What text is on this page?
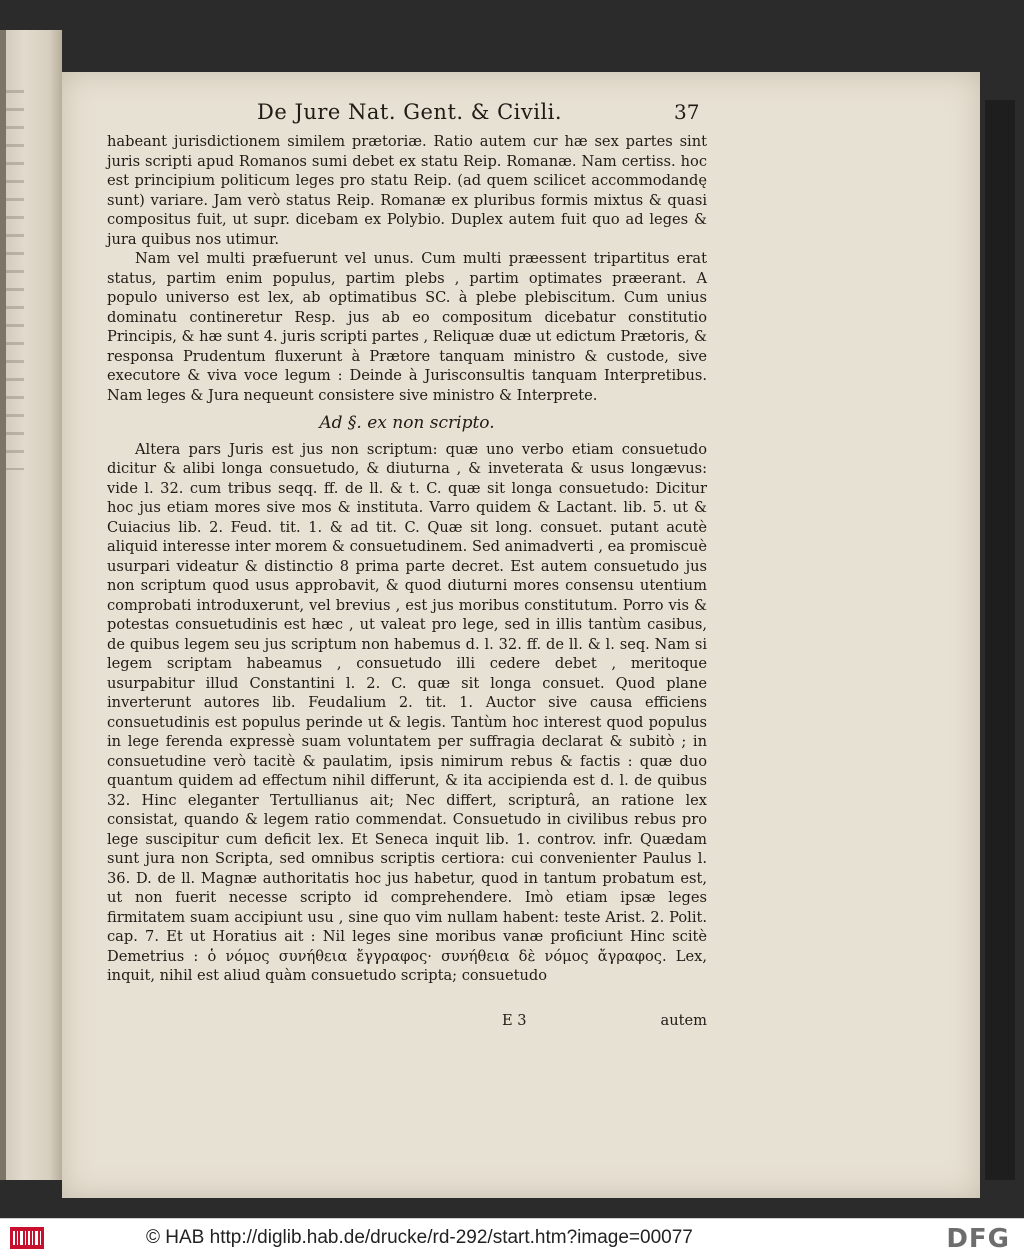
De Jure Nat. Gent. & Civili.	37

habeant jurisdictionem similem prætoriæ. Ratio autem cur hæ sex partes sint juris scripti apud Romanos sumi debet ex statu Reip. Romanæ. Nam certiss. hoc est principium politicum leges pro statu Reip. (ad quem scilicet accommodandę sunt) variare. Jam verò status Reip. Romanæ ex pluribus formis mixtus & quasi compositus fuit, ut supr. dicebam ex Polybio. Duplex autem fuit quo ad leges & jura quibus nos utimur.

Nam vel multi præfuerunt vel unus. Cum multi præessent tripartitus erat status, partim enim populus, partim plebs , partim optimates præerant. A populo universo est lex, ab optimatibus SC. à plebe plebiscitum. Cum unius dominatu contineretur Resp. jus ab eo compositum dicebatur constitutio Principis, & hæ sunt 4. juris scripti partes , Reliquæ duæ ut edictum Prætoris, & responsa Prudentum fluxerunt à Prætore tanquam ministro & custode, sive executore & viva voce legum : Deinde à Jurisconsultis tanquam Interpretibus. Nam leges & Jura nequeunt consistere sive ministro & Interprete.

Ad §. ex non scripto.

Altera pars Juris est jus non scriptum: quæ uno verbo etiam consuetudo dicitur & alibi longa consuetudo, & diuturna , & inveterata & usus longævus: vide l. 32. cum tribus seqq. ff. de ll. & t. C. quæ sit longa consuetudo: Dicitur hoc jus etiam mores sive mos & instituta. Varro quidem & Lactant. lib. 5. ut & Cuiacius lib. 2. Feud. tit. 1. & ad tit. C. Quæ sit long. consuet. putant acutè aliquid interesse inter morem & consuetudinem. Sed animadverti , ea promiscuè usurpari videatur & distinctio 8 prima parte decret. Est autem consuetudo jus non scriptum quod usus approbavit, & quod diuturni mores consensu utentium comprobati introduxerunt, vel brevius , est jus moribus constitutum. Porro vis & potestas consuetudinis est hæc , ut valeat pro lege, sed in illis tantùm casibus, de quibus legem seu jus scriptum non habemus d. l. 32. ff. de ll. & l. seq. Nam si legem scriptam habeamus , consuetudo illi cedere debet , meritoque usurpabitur illud Constantini l. 2. C. quæ sit longa consuet. Quod plane inverterunt autores lib. Feudalium 2. tit. 1. Auctor sive causa efficiens consuetudinis est populus perinde ut & legis. Tantùm hoc interest quod populus in lege ferenda expressè suam voluntatem per suffragia declarat & subitò ; in consuetudine verò tacitè & paulatim, ipsis nimirum rebus & factis : quæ duo quantum quidem ad effectum nihil differunt, & ita accipienda est d. l. de quibus 32. Hinc eleganter Tertullianus ait; Nec differt, scripturâ, an ratione lex consistat, quando & legem ratio commendat. Consuetudo in civilibus rebus pro lege suscipitur cum deficit lex. Et Seneca inquit lib. 1. controv. infr. Quædam sunt jura non Scripta, sed omnibus scriptis certiora: cui convenienter Paulus l. 36. D. de ll. Magnæ authoritatis hoc jus habetur, quod in tantum probatum est, ut non fuerit necesse scripto id comprehendere. Imò etiam ipsæ leges firmitatem suam accipiunt usu , sine quo vim nullam habent: teste Arist. 2. Polit. cap. 7. Et ut Horatius ait : Nil leges sine moribus vanæ proficiunt Hinc scitè Demetrius : ὁ νόμος συνήθεια ἔγγραφος· συνήθεια δὲ νόμος ἄγραφος. Lex, inquit, nihil est aliud quàm consuetudo scripta; consuetudo

E 3	autem
© HAB http://diglib.hab.de/drucke/rd-292/start.htm?image=00077	DFG
